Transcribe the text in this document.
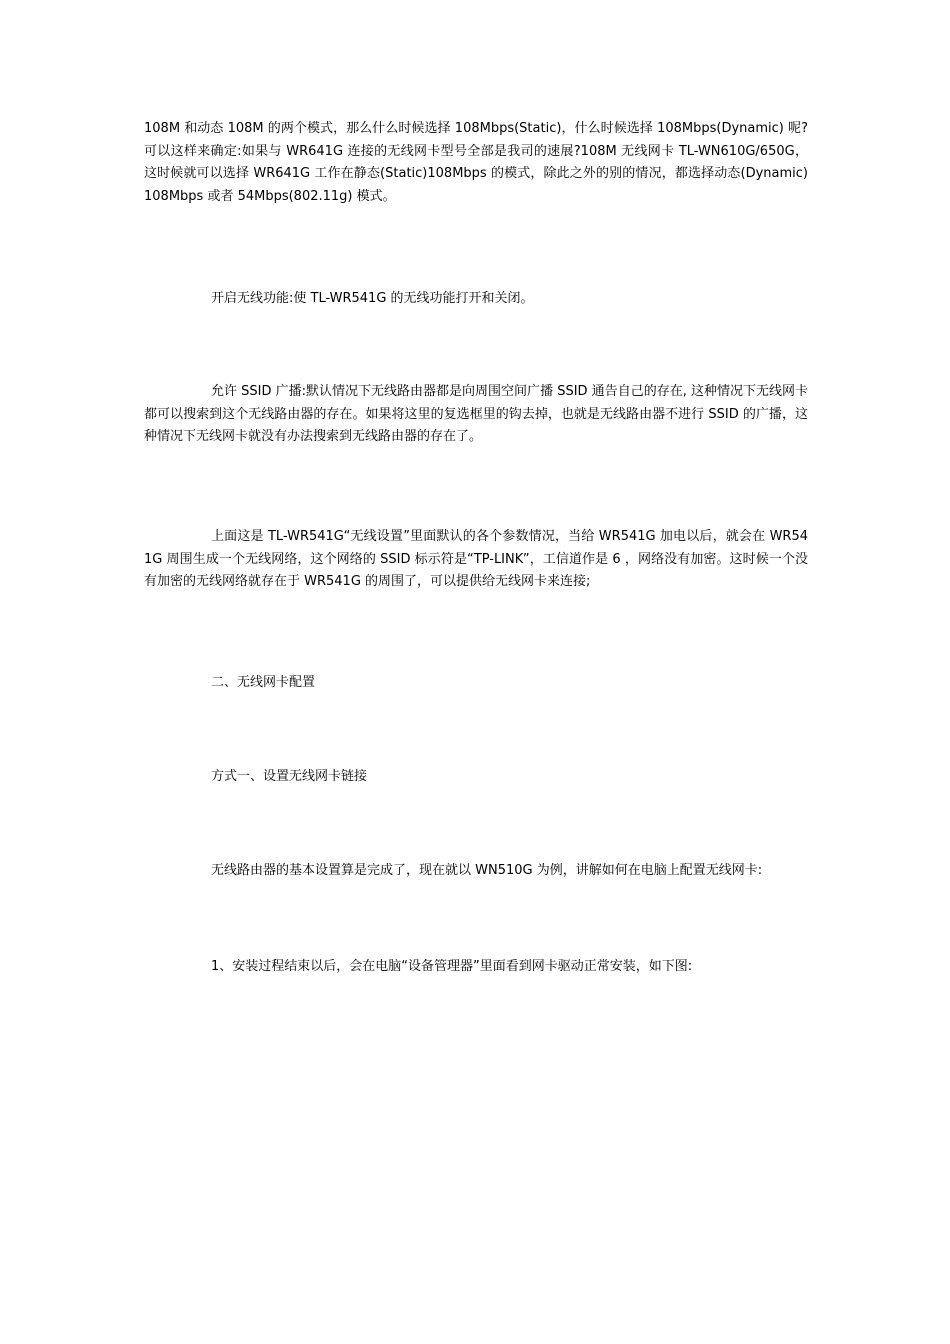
108M 和动态 108M 的两个模式，那么什么时候选择 108Mbps(Static)，什么时候选择 108Mbps(Dynamic) 呢?可以这样来确定:如果与 WR641G 连接的无线网卡型号全部是我司的速展?108M 无线网卡 TL-WN610G/650G，这时候就可以选择 WR641G 工作在静态(Static)108Mbps 的模式，除此之外的别的情况，都选择动态(Dynamic)108Mbps 或者 54Mbps(802.11g) 模式。

开启无线功能:使 TL-WR541G 的无线功能打开和关闭。

允许 SSID 广播:默认情况下无线路由器都是向周围空间广播 SSID 通告自己的存在, 这种情况下无线网卡都可以搜索到这个无线路由器的存在。如果将这里的复选框里的钩去掉，也就是无线路由器不进行 SSID 的广播，这种情况下无线网卡就没有办法搜索到无线路由器的存在了。

上面这是 TL-WR541G“无线设置”里面默认的各个参数情况，当给 WR541G 加电以后，就会在 WR541G 周围生成一个无线网络，这个网络的 SSID 标示符是“TP-LINK”，工信道作是 6 ，网络没有加密。这时候一个没有加密的无线网络就存在于 WR541G 的周围了，可以提供给无线网卡来连接;

二、无线网卡配置

方式一、设置无线网卡链接

无线路由器的基本设置算是完成了，现在就以 WN510G 为例，讲解如何在电脑上配置无线网卡:

1、安装过程结束以后，会在电脑“设备管理器”里面看到网卡驱动正常安装，如下图:
